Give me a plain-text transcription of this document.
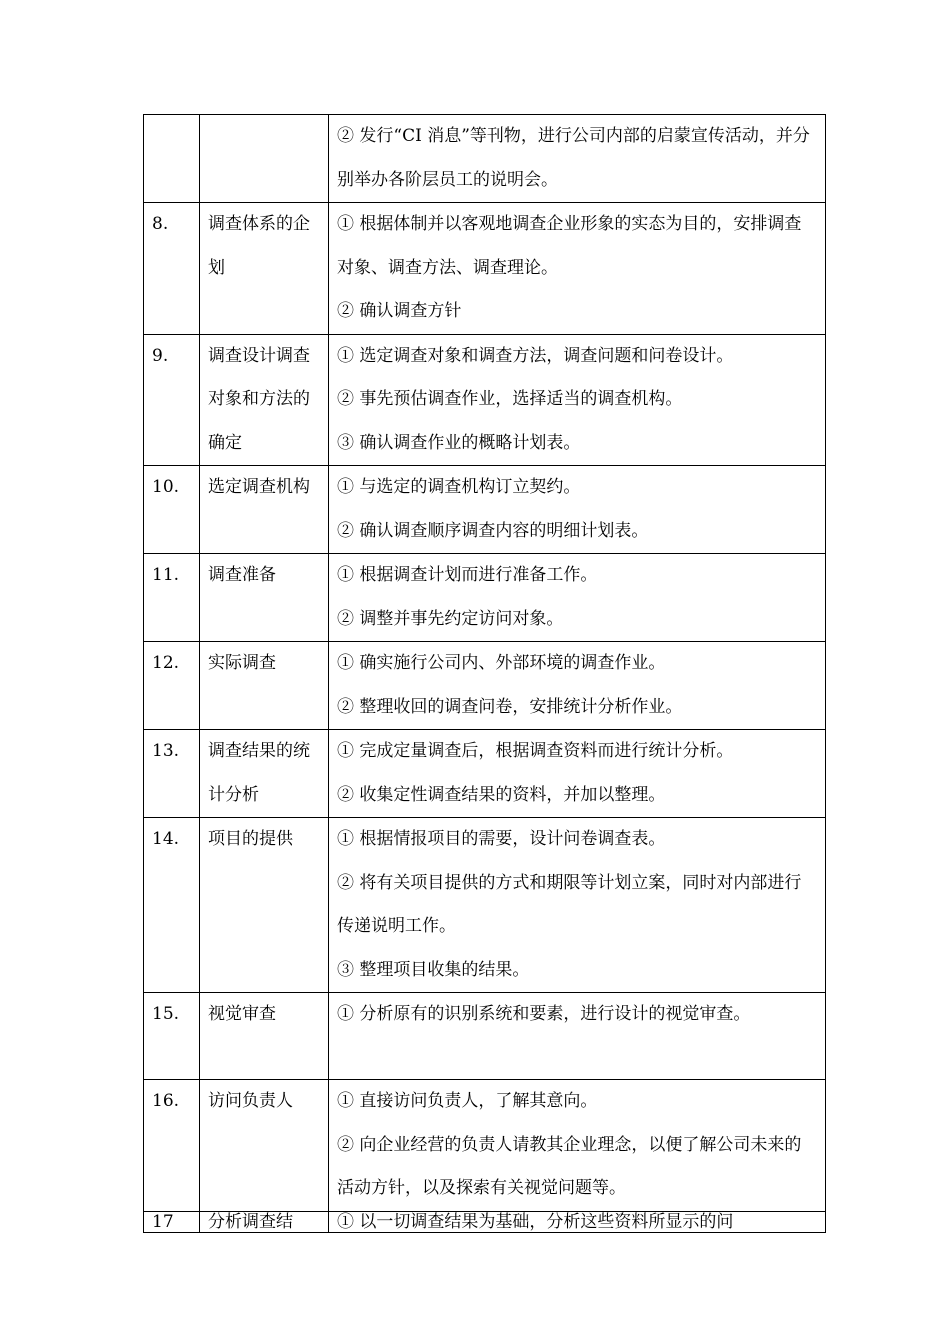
		② 发行“CI 消息”等刊物，进行公司内部的启蒙宣传活动，并分别举办各阶层员工的说明会。

8.	调查体系的企划	① 根据体制并以客观地调查企业形象的实态为目的，安排调查对象、调查方法、调查理论。

② 确认调查方针

9.	调查设计调查对象和方法的确定	① 选定调查对象和调查方法，调查问题和问卷设计。

② 事先预估调查作业，选择适当的调查机构。

③ 确认调查作业的概略计划表。

10.	选定调查机构	① 与选定的调查机构订立契约。

② 确认调查顺序调查内容的明细计划表。

11.	调查准备	① 根据调查计划而进行准备工作。

② 调整并事先约定访问对象。

12.	实际调查	① 确实施行公司内、外部环境的调查作业。

② 整理收回的调查问卷，安排统计分析作业。

13.	调查结果的统计分析	① 完成定量调查后，根据调查资料而进行统计分析。

② 收集定性调查结果的资料，并加以整理。

14.	项目的提供	① 根据情报项目的需要，设计问卷调查表。

② 将有关项目提供的方式和期限等计划立案，同时对内部进行传递说明工作。

③ 整理项目收集的结果。

15.	视觉审查	① 分析原有的识别系统和要素，进行设计的视觉审查。

16.	访问负责人	① 直接访问负责人，了解其意向。

② 向企业经营的负责人请教其企业理念，以便了解公司未来的活动方针，以及探索有关视觉问题等。

17	分析调查结	① 以一切调查结果为基础，分析这些资料所显示的问
